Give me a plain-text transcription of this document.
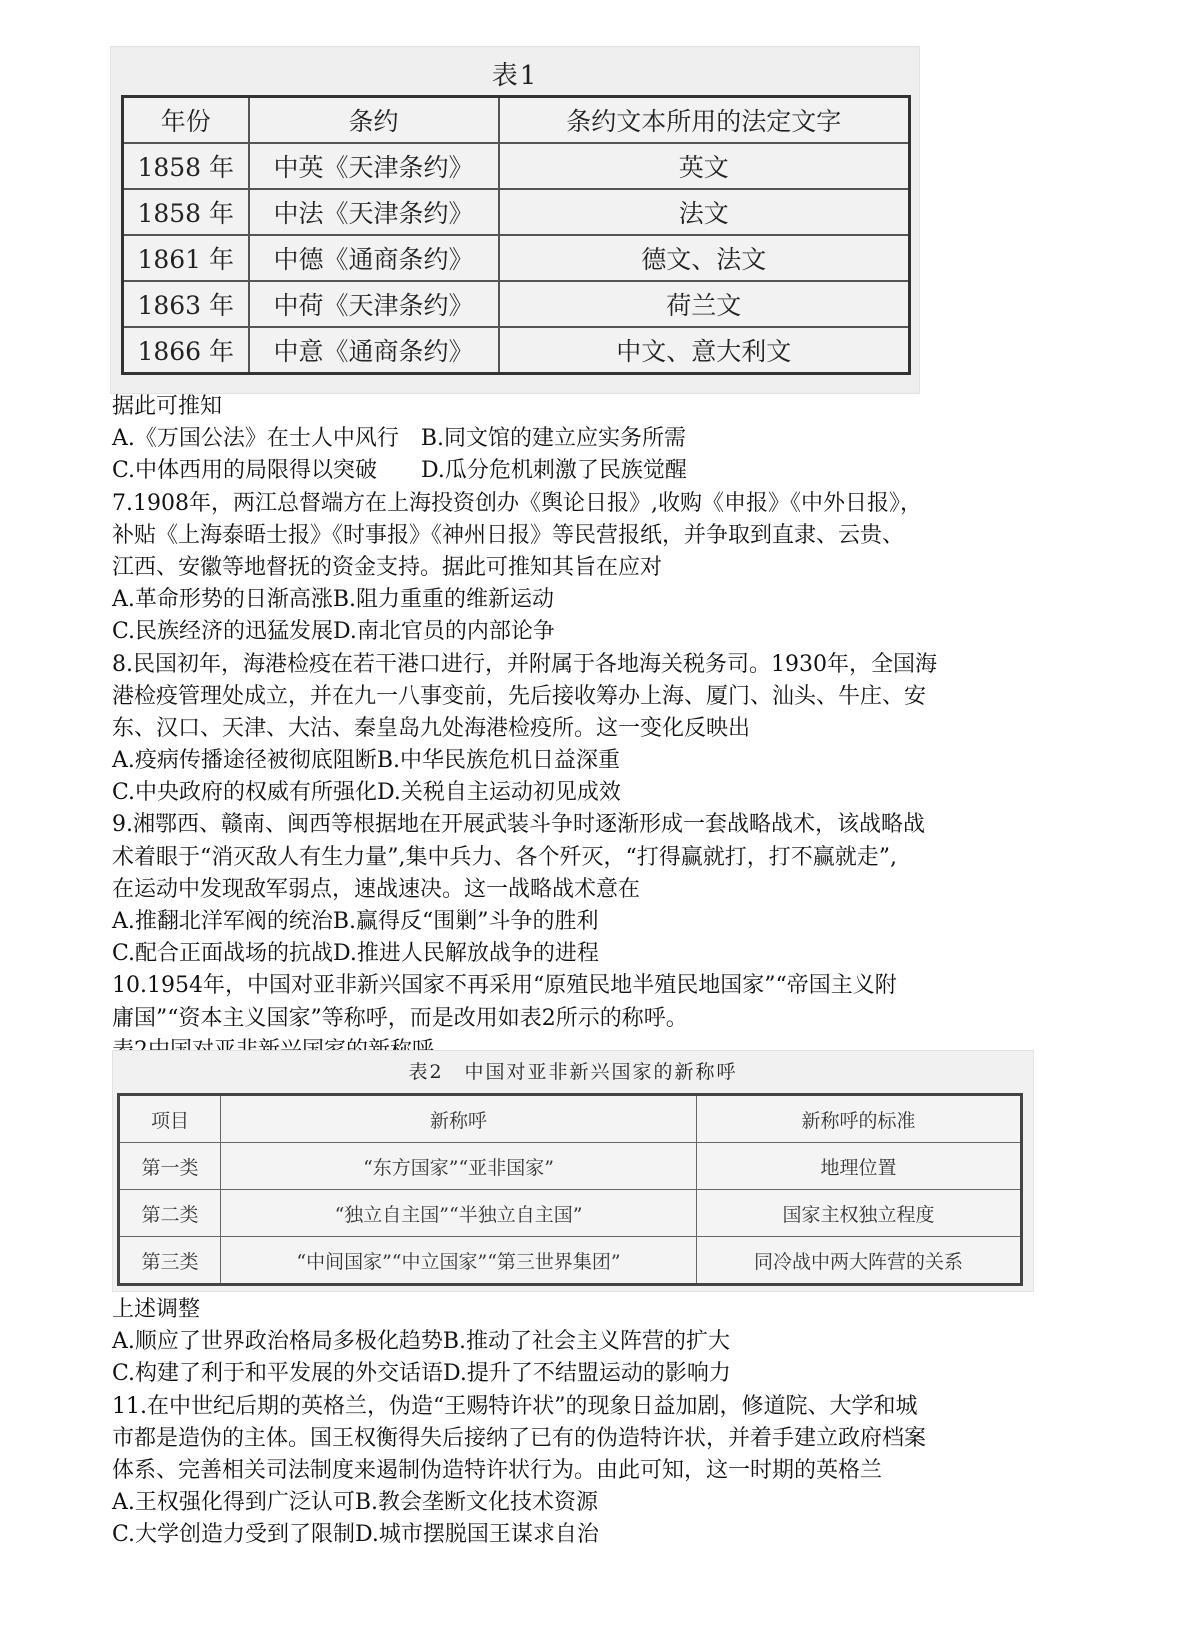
表1
年份	条约	条约文本所用的法定文字
1858 年	中英《天津条约》	英文
1858 年	中法《天津条约》	法文
1861 年	中德《通商条约》	德文、法文
1863 年	中荷《天津条约》	荷兰文
1866 年	中意《通商条约》	中文、意大利文
据此可推知
A.《万国公法》在士人中风行　B.同文馆的建立应实务所需
C.中体西用的局限得以突破　　D.瓜分危机刺激了民族觉醒
7.1908年，两江总督端方在上海投资创办《舆论日报》,收购《申报》《中外日报》，
补贴《上海泰晤士报》《时事报》《神州日报》等民营报纸，并争取到直隶、云贵、
江西、安徽等地督抚的资金支持。据此可推知其旨在应对
A.革命形势的日渐高涨B.阻力重重的维新运动
C.民族经济的迅猛发展D.南北官员的内部论争
8.民国初年，海港检疫在若干港口进行，并附属于各地海关税务司。1930年，全国海
港检疫管理处成立，并在九一八事变前，先后接收筹办上海、厦门、汕头、牛庄、安
东、汉口、天津、大沽、秦皇岛九处海港检疫所。这一变化反映出
A.疫病传播途径被彻底阻断B.中华民族危机日益深重
C.中央政府的权威有所强化D.关税自主运动初见成效
9.湘鄂西、赣南、闽西等根据地在开展武装斗争时逐渐形成一套战略战术，该战略战
术着眼于“消灭敌人有生力量”,集中兵力、各个歼灭，“打得赢就打，打不赢就走”,
在运动中发现敌军弱点，速战速决。这一战略战术意在
A.推翻北洋军阀的统治B.赢得反“围剿”斗争的胜利
C.配合正面战场的抗战D.推进人民解放战争的进程
10.1954年，中国对亚非新兴国家不再采用“原殖民地半殖民地国家”“帝国主义附
庸国”“资本主义国家”等称呼，而是改用如表2所示的称呼。
表2　中国对亚非新兴国家的新称呼
项目	新称呼	新称呼的标准
第一类	“东方国家”“亚非国家”	地理位置
第二类	“独立自主国”“半独立自主国”	国家主权独立程度
第三类	“中间国家”“中立国家”“第三世界集团”	同冷战中两大阵营的关系
上述调整
A.顺应了世界政治格局多极化趋势B.推动了社会主义阵营的扩大
C.构建了利于和平发展的外交话语D.提升了不结盟运动的影响力
11.在中世纪后期的英格兰，伪造“王赐特许状”的现象日益加剧，修道院、大学和城
市都是造伪的主体。国王权衡得失后接纳了已有的伪造特许状，并着手建立政府档案
体系、完善相关司法制度来遏制伪造特许状行为。由此可知，这一时期的英格兰
A.王权强化得到广泛认可B.教会垄断文化技术资源
C.大学创造力受到了限制D.城市摆脱国王谋求自治
